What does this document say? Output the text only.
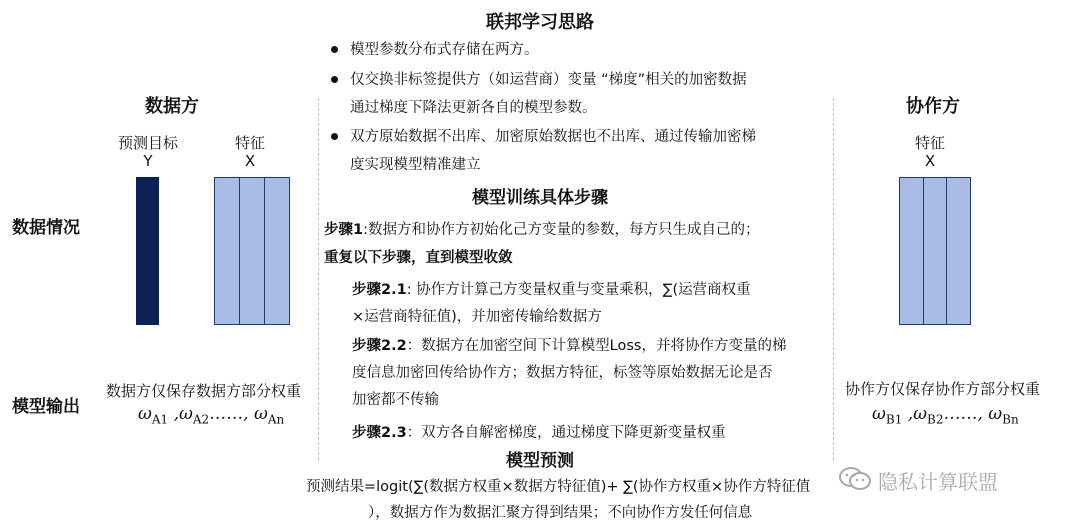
数据情况
模型输出
数据方
预测目标
Y
特征
X
数据方仅保存数据方部分权重
$\omega_{A1}$ $,\omega_{A2}\dots\dots$, $\omega_{An}$
联邦学习思路
模型参数分布式存储在两方。
仅交换非标签提供方（如运营商）变量 “梯度”相关的加密数据
通过梯度下降法更新各自的模型参数。
双方原始数据不出库、加密原始数据也不出库、通过传输加密梯
度实现模型精准建立
模型训练具体步骤
步骤1:数据方和协作方初始化己方变量的参数，每方只生成自己的；
重复以下步骤，直到模型收敛
步骤2.1: 协作方计算己方变量权重与变量乘积，∑(运营商权重
×运营商特征值)，并加密传输给数据方
步骤2.2：数据方在加密空间下计算模型Loss，并将协作方变量的梯
度信息加密回传给协作方；数据方特征，标签等原始数据无论是否
加密都不传输
步骤2.3：双方各自解密梯度，通过梯度下降更新变量权重
模型预测
预测结果=logit(∑(数据方权重×数据方特征值)+ ∑(协作方权重×协作方特征值
），数据方作为数据汇聚方得到结果；不向协作方发任何信息
协作方
特征
X
协作方仅保存协作方部分权重
$\omega_{B1}$ $,\omega_{B2}\dots\dots$, $\omega_{Bn}$
隐私计算联盟
